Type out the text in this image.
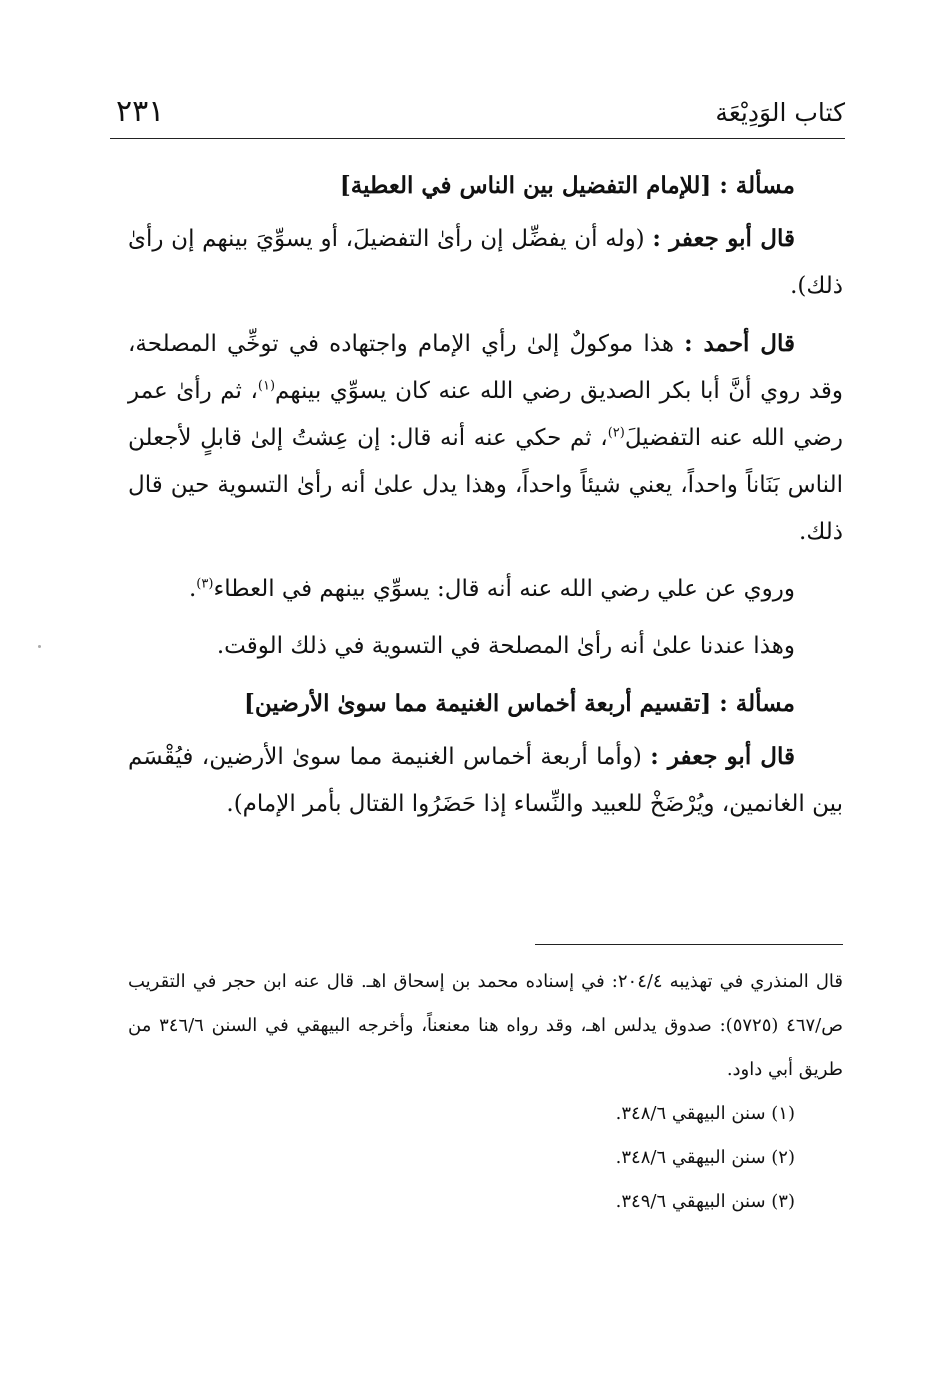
كتاب الوَدِيْعَة
٢٣١

مسألة : [للإمام التفضيل بين الناس في العطية]

قال أبو جعفر : (وله أن يفضِّل إن رأىٰ التفضيلَ، أو يسوِّيَ بينهم إن رأىٰ ذلك).

قال أحمد : هذا موكولٌ إلىٰ رأي الإمام واجتهاده في توخِّي المصلحة، وقد روي أنَّ أبا بكر الصديق رضي الله عنه كان يسوِّي بينهم$^{(١)}$، ثم رأىٰ عمر رضي الله عنه التفضيلَ$^{(٢)}$، ثم حكي عنه أنه قال: إن عِشتُ إلىٰ قابلٍ لأجعلن الناس بَنَاناً واحداً، يعني شيئاً واحداً، وهذا يدل علىٰ أنه رأىٰ التسوية حين قال ذلك.

وروي عن علي رضي الله عنه أنه قال: يسوِّي بينهم في العطاء$^{(٣)}$.

وهذا عندنا علىٰ أنه رأىٰ المصلحة في التسوية في ذلك الوقت.

مسألة : [تقسيم أربعة أخماس الغنيمة مما سوىٰ الأرضين]

قال أبو جعفر : (وأما أربعة أخماس الغنيمة مما سوىٰ الأرضين، فيُقْسَم بين الغانمين، ويُرْضَخْ للعبيد والنِّساء إذا حَضَرُوا القتال بأمر الإمام).

قال المنذري في تهذيبه ٢٠٤/٤: في إسناده محمد بن إسحاق اهـ. قال عنه ابن حجر في التقريب ص/٤٦٧ (٥٧٢٥): صدوق يدلس اهـ، وقد رواه هنا معنعناً، وأخرجه البيهقي في السنن ٣٤٦/٦ من طريق أبي داود.

(١) سنن البيهقي ٣٤٨/٦.

(٢) سنن البيهقي ٣٤٨/٦.

(٣) سنن البيهقي ٣٤٩/٦.
